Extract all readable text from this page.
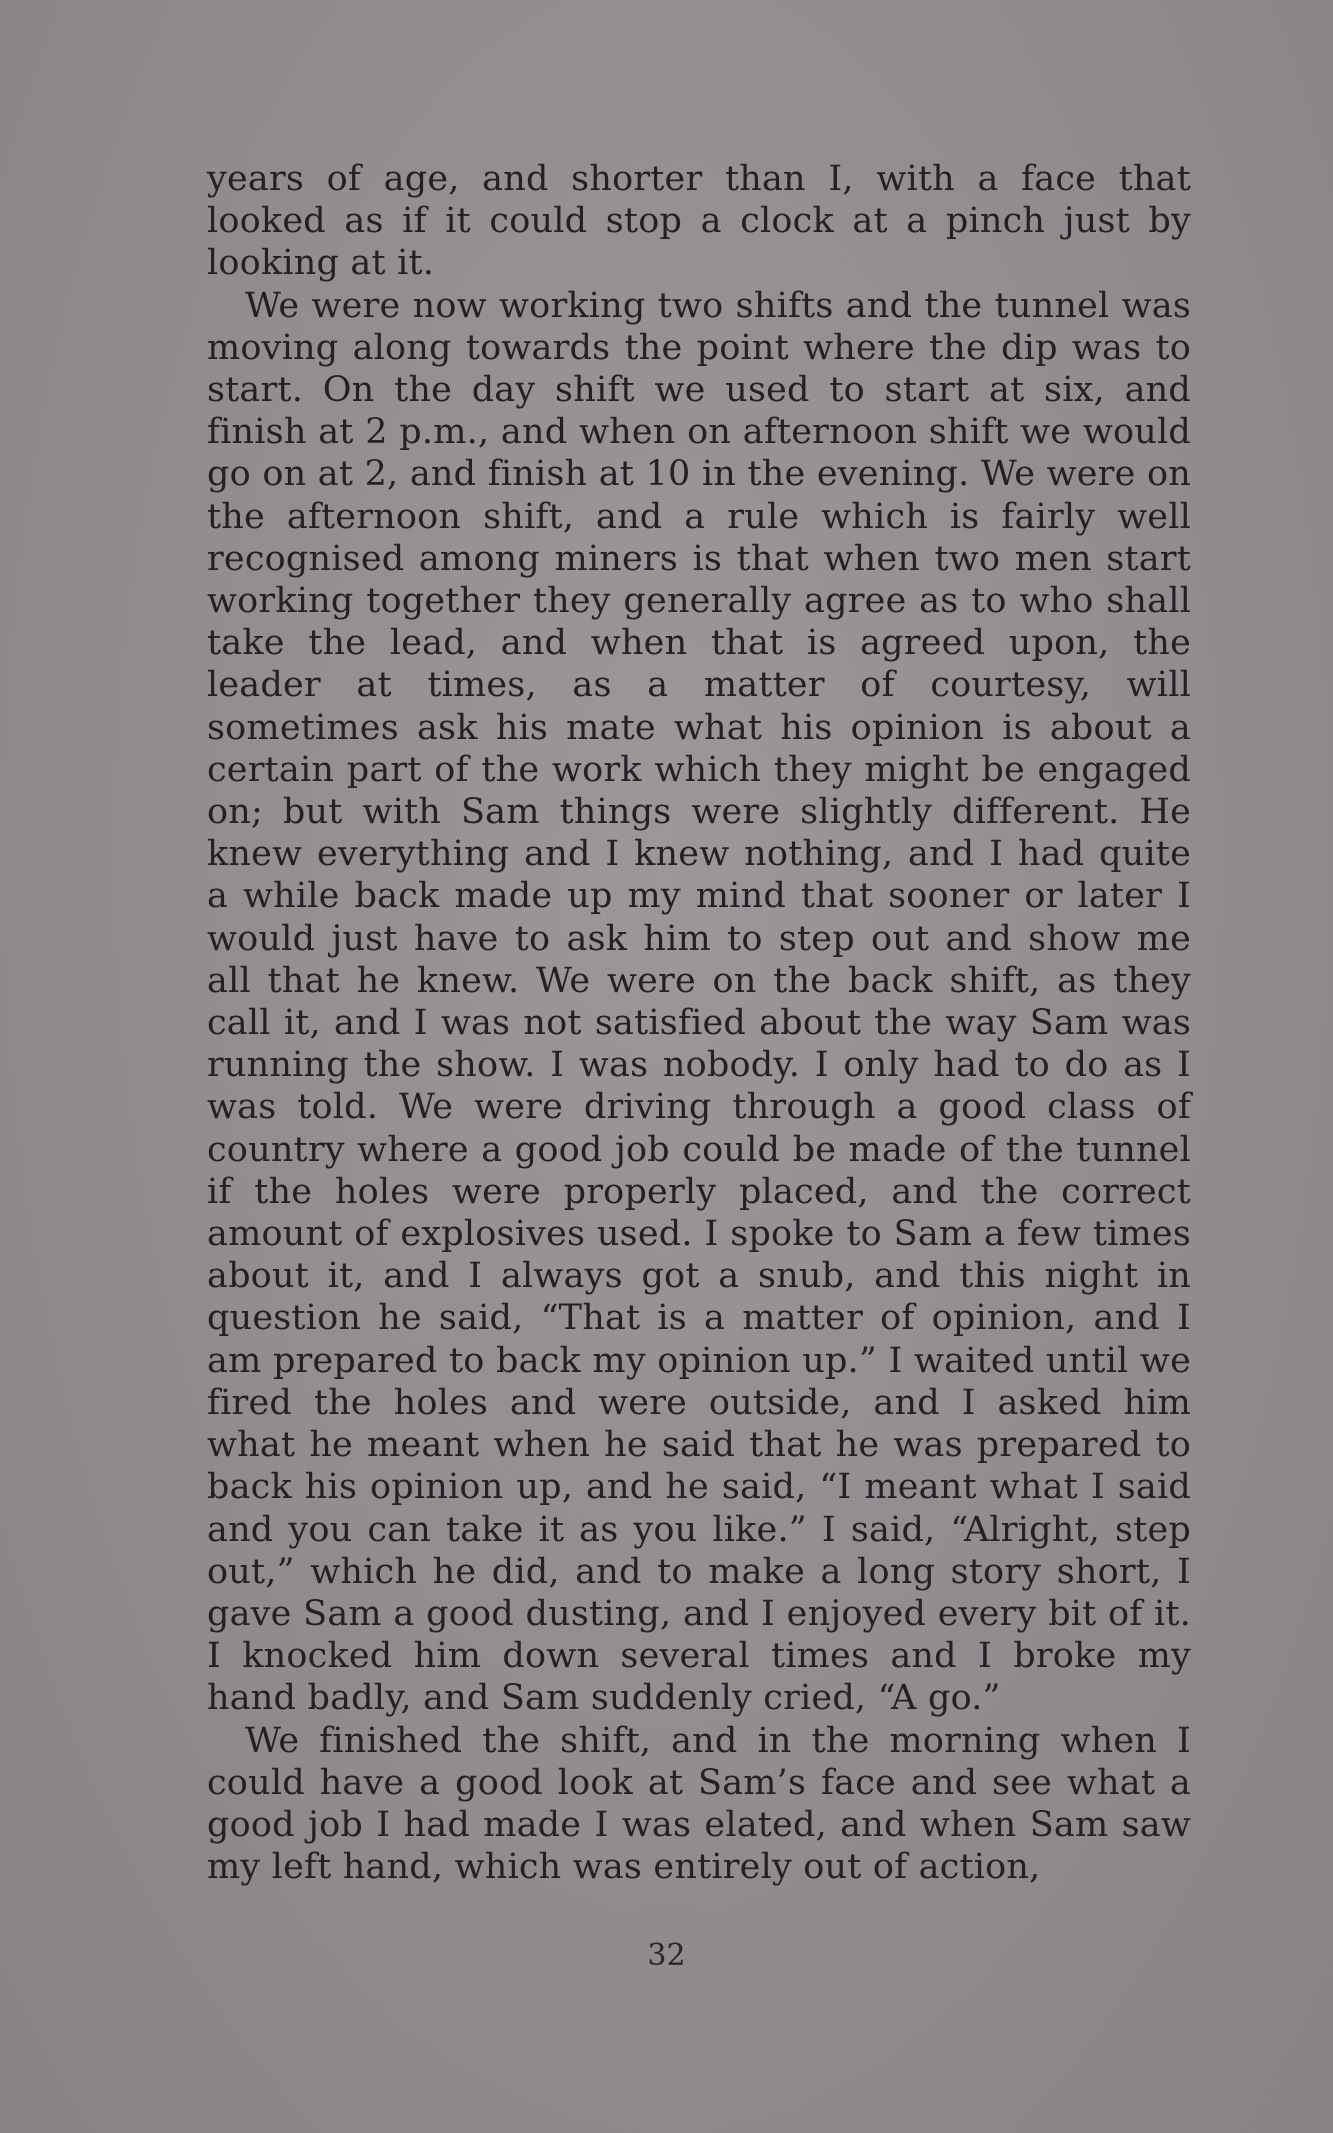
years of age, and shorter than I, with a face that looked as if it could stop a clock at a pinch just by looking at it.

We were now working two shifts and the tunnel was moving along towards the point where the dip was to start. On the day shift we used to start at six, and finish at 2 p.m., and when on afternoon shift we would go on at 2, and finish at 10 in the evening. We were on the afternoon shift, and a rule which is fairly well recognised among miners is that when two men start working together they generally agree as to who shall take the lead, and when that is agreed upon, the leader at times, as a matter of courtesy, will sometimes ask his mate what his opinion is about a certain part of the work which they might be engaged on; but with Sam things were slightly different. He knew everything and I knew nothing, and I had quite a while back made up my mind that sooner or later I would just have to ask him to step out and show me all that he knew. We were on the back shift, as they call it, and I was not satisfied about the way Sam was running the show. I was nobody. I only had to do as I was told. We were driving through a good class of country where a good job could be made of the tunnel if the holes were properly placed, and the correct amount of explosives used. I spoke to Sam a few times about it, and I always got a snub, and this night in question he said, “That is a matter of opinion, and I am prepared to back my opinion up.” I waited until we fired the holes and were outside, and I asked him what he meant when he said that he was prepared to back his opinion up, and he said, “I meant what I said and you can take it as you like.” I said, “Alright, step out,” which he did, and to make a long story short, I gave Sam a good dusting, and I enjoyed every bit of it. I knocked him down several times and I broke my hand badly, and Sam suddenly cried, “A go.”

We finished the shift, and in the morning when I could have a good look at Sam’s face and see what a good job I had made I was elated, and when Sam saw my left hand, which was entirely out of action,

32
